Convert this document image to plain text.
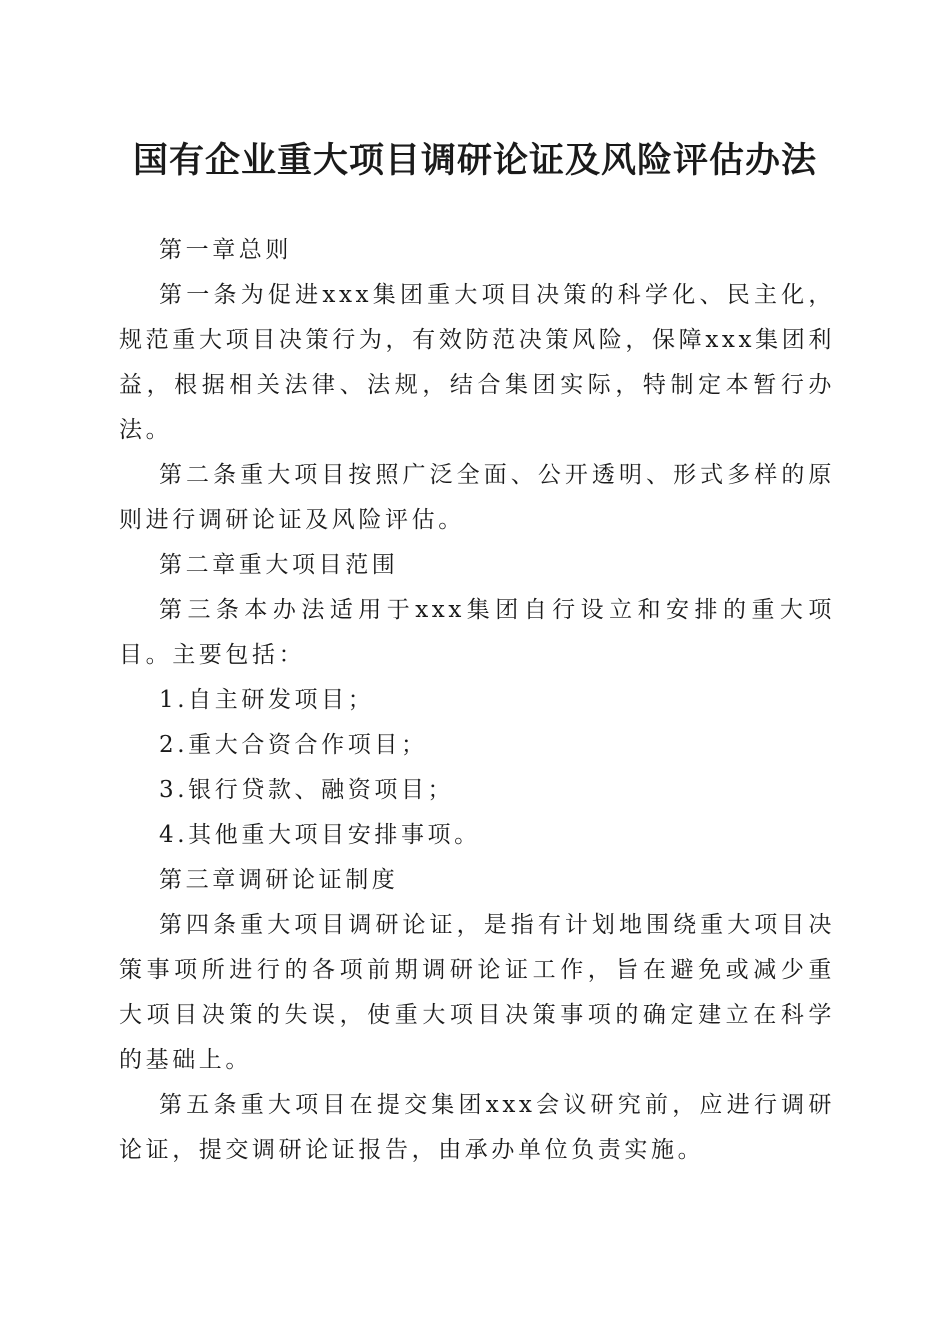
国有企业重大项目调研论证及风险评估办法

第一章总则

第一条为促进xxx集团重大项目决策的科学化、民主化，规范重大项目决策行为，有效防范决策风险，保障xxx集团利益，根据相关法律、法规，结合集团实际，特制定本暂行办法。

第二条重大项目按照广泛全面、公开透明、形式多样的原则进行调研论证及风险评估。

第二章重大项目范围

第三条本办法适用于xxx集团自行设立和安排的重大项目。主要包括：

1.自主研发项目；

2.重大合资合作项目；

3.银行贷款、融资项目；

4.其他重大项目安排事项。

第三章调研论证制度

第四条重大项目调研论证，是指有计划地围绕重大项目决策事项所进行的各项前期调研论证工作，旨在避免或减少重大项目决策的失误，使重大项目决策事项的确定建立在科学的基础上。

第五条重大项目在提交集团xxx会议研究前，应进行调研论证，提交调研论证报告，由承办单位负责实施。
